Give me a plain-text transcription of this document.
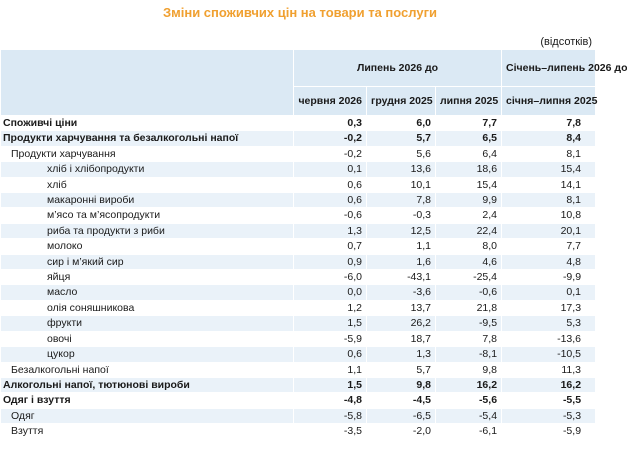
Зміни споживчих цін на товари та послуги
(відсотків)
	Липень 2026 до			Січень–липень 2026 до
	червня 2026	грудня 2025	липня 2025	січня–липня 2025
Споживчі ціни	0,3	6,0	7,7	7,8
Продукти харчування та безалкогольні напої	-0,2	5,7	6,5	8,4
Продукти харчування	-0,2	5,6	6,4	8,1
хліб і хлібопродукти	0,1	13,6	18,6	15,4
хліб	0,6	10,1	15,4	14,1
макаронні вироби	0,6	7,8	9,9	8,1
м’ясо та м’ясопродукти	-0,6	-0,3	2,4	10,8
риба та продукти з риби	1,3	12,5	22,4	20,1
молоко	0,7	1,1	8,0	7,7
сир і м’який сир	0,9	1,6	4,6	4,8
яйця	-6,0	-43,1	-25,4	-9,9
масло	0,0	-3,6	-0,6	0,1
олія соняшникова	1,2	13,7	21,8	17,3
фрукти	1,5	26,2	-9,5	5,3
овочі	-5,9	18,7	7,8	-13,6
цукор	0,6	1,3	-8,1	-10,5
Безалкогольні напої	1,1	5,7	9,8	11,3
Алкогольні напої, тютюнові вироби	1,5	9,8	16,2	16,2
Одяг і взуття	-4,8	-4,5	-5,6	-5,5
Одяг	-5,8	-6,5	-5,4	-5,3
Взуття	-3,5	-2,0	-6,1	-5,9
